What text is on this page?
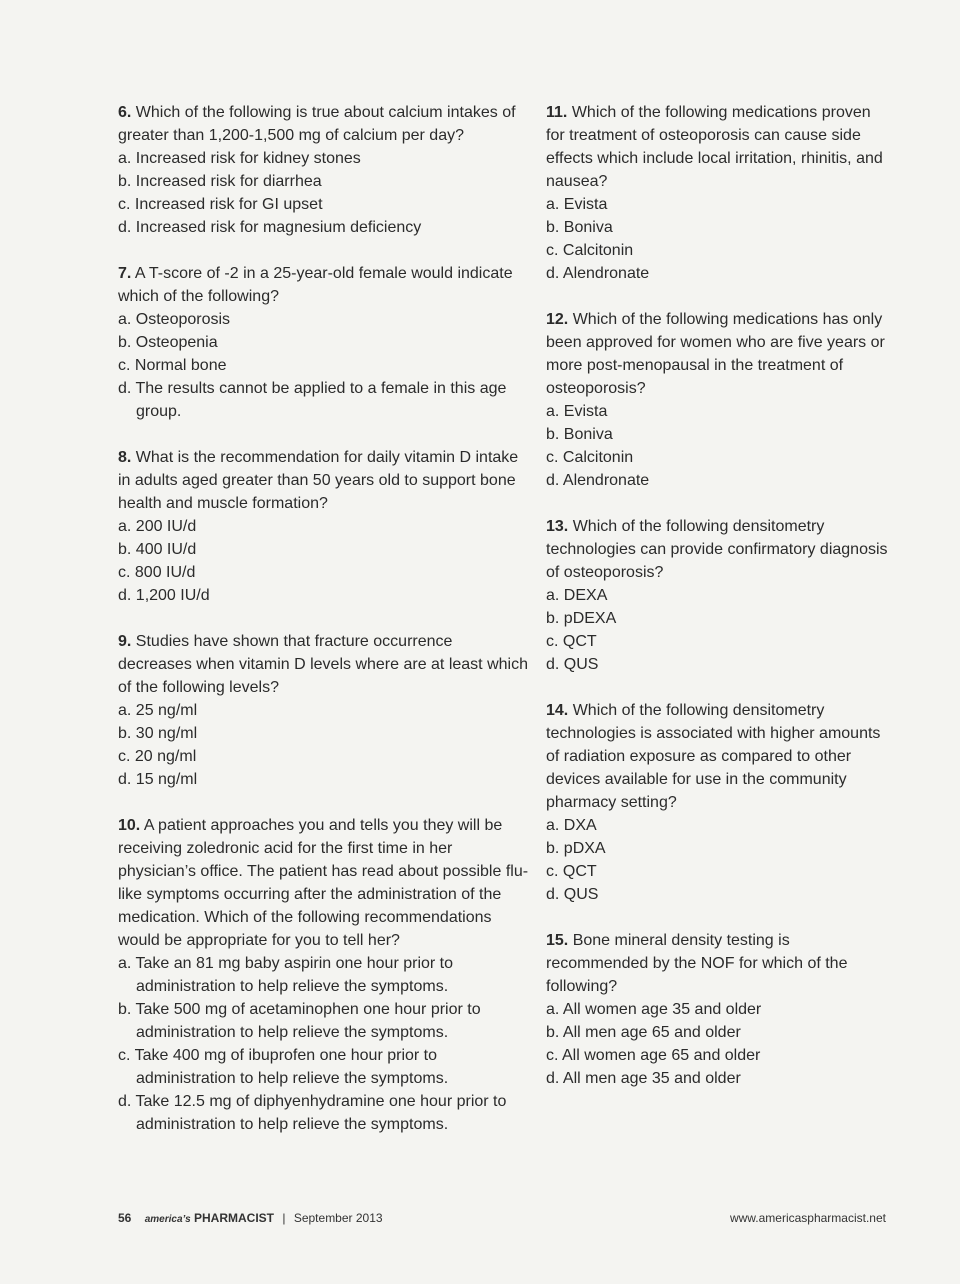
6. Which of the following is true about calcium intakes of greater than 1,200-1,500 mg of calcium per day?

a. Increased risk for kidney stones

b. Increased risk for diarrhea

c. Increased risk for GI upset

d. Increased risk for magnesium deficiency

7. A T-score of -2 in a 25-year-old female would indicate which of the following?

a. Osteoporosis

b. Osteopenia

c. Normal bone

d. The results cannot be applied to a female in this age group.

8. What is the recommendation for daily vitamin D intake in adults aged greater than 50 years old to support bone health and muscle formation?

a. 200 IU/d

b. 400 IU/d

c. 800 IU/d

d. 1,200 IU/d

9. Studies have shown that fracture occurrence decreases when vitamin D levels where are at least which of the following levels?

a. 25 ng/ml

b. 30 ng/ml

c. 20 ng/ml

d. 15 ng/ml

10. A patient approaches you and tells you they will be receiving zoledronic acid for the first time in her physician’s office. The patient has read about possible flu-like symptoms occurring after the administration of the medication. Which of the following recommendations would be appropriate for you to tell her?

a. Take an 81 mg baby aspirin one hour prior to administration to help relieve the symptoms.

b. Take 500 mg of acetaminophen one hour prior to administration to help relieve the symptoms.

c. Take 400 mg of ibuprofen one hour prior to administration to help relieve the symptoms.

d. Take 12.5 mg of diphyenhydramine one hour prior to administration to help relieve the symptoms.

11. Which of the following medications proven for treatment of osteoporosis can cause side effects which include local irritation, rhinitis, and nausea?

a. Evista

b. Boniva

c. Calcitonin

d. Alendronate

12. Which of the following medications has only been approved for women who are five years or more post-menopausal in the treatment of osteoporosis?

a. Evista

b. Boniva

c. Calcitonin

d. Alendronate

13. Which of the following densitometry technologies can provide confirmatory diagnosis of osteoporosis?

a. DEXA

b. pDEXA

c. QCT

d. QUS

14. Which of the following densitometry technologies is associated with higher amounts of radiation exposure as compared to other devices available for use in the community pharmacy setting?

a. DXA

b. pDXA

c. QCT

d. QUS

15. Bone mineral density testing is recommended by the NOF for which of the following?

a. All women age 35 and older

b. All men age 65 and older

c. All women age 65 and older

d. All men age 35 and older

56 america’s PHARMACIST | September 2013	www.americaspharmacist.net
